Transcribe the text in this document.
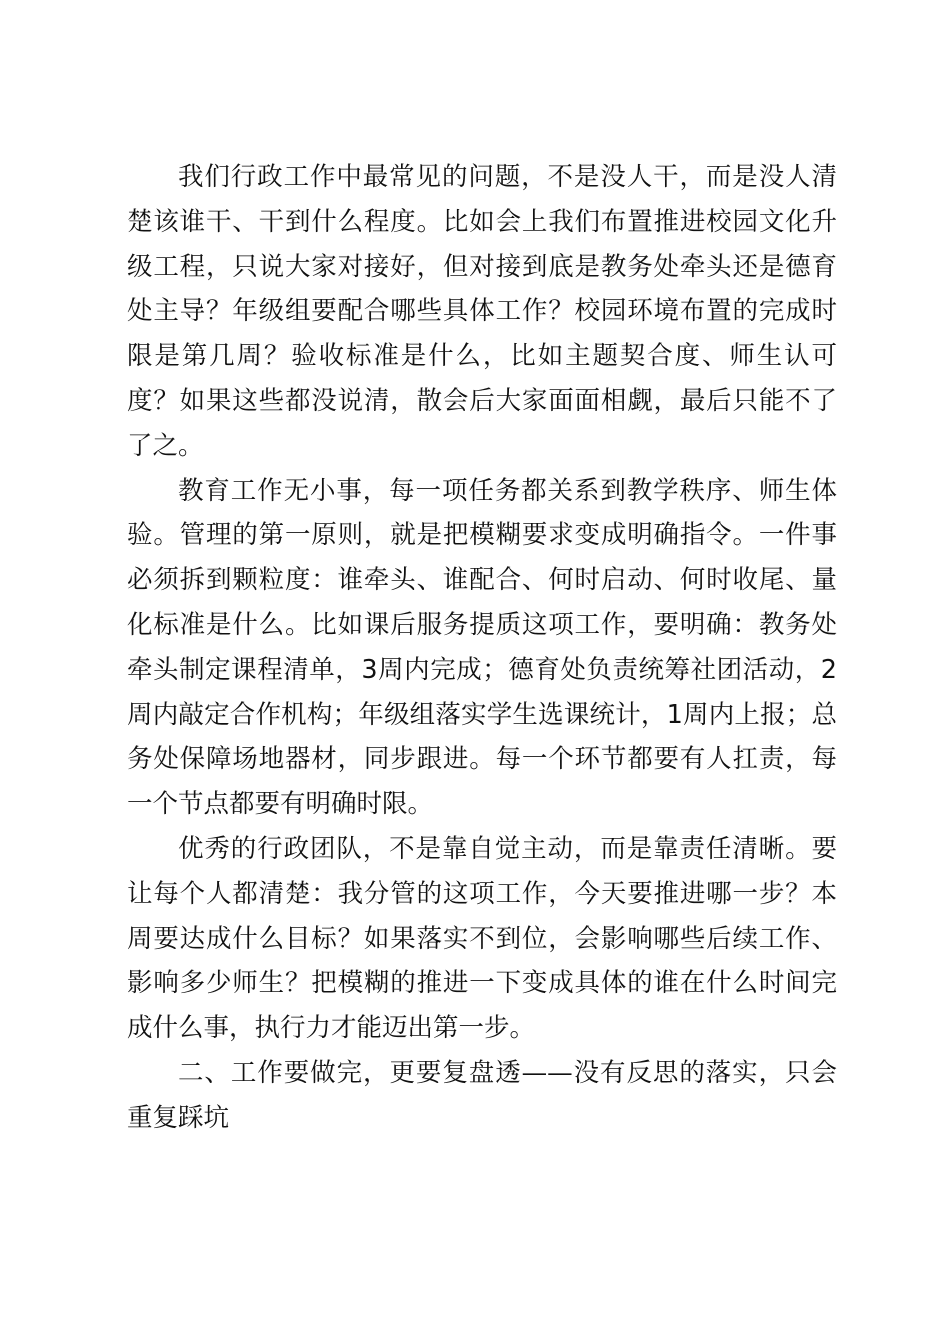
我们行政工作中最常见的问题，不是没人干，而是没人清楚该谁干、干到什么程度。比如会上我们布置推进校园文化升级工程，只说大家对接好，但对接到底是教务处牵头还是德育处主导？年级组要配合哪些具体工作？校园环境布置的完成时限是第几周？验收标准是什么，比如主题契合度、师生认可度？如果这些都没说清，散会后大家面面相觑，最后只能不了了之。

教育工作无小事，每一项任务都关系到教学秩序、师生体验。管理的第一原则，就是把模糊要求变成明确指令。一件事必须拆到颗粒度：谁牵头、谁配合、何时启动、何时收尾、量化标准是什么。比如课后服务提质这项工作，要明确：教务处牵头制定课程清单，3周内完成；德育处负责统筹社团活动，2周内敲定合作机构；年级组落实学生选课统计，1周内上报；总务处保障场地器材，同步跟进。每一个环节都要有人扛责，每一个节点都要有明确时限。

优秀的行政团队，不是靠自觉主动，而是靠责任清晰。要让每个人都清楚：我分管的这项工作，今天要推进哪一步？本周要达成什么目标？如果落实不到位，会影响哪些后续工作、影响多少师生？把模糊的推进一下变成具体的谁在什么时间完成什么事，执行力才能迈出第一步。

二、工作要做完，更要复盘透——没有反思的落实，只会重复踩坑
